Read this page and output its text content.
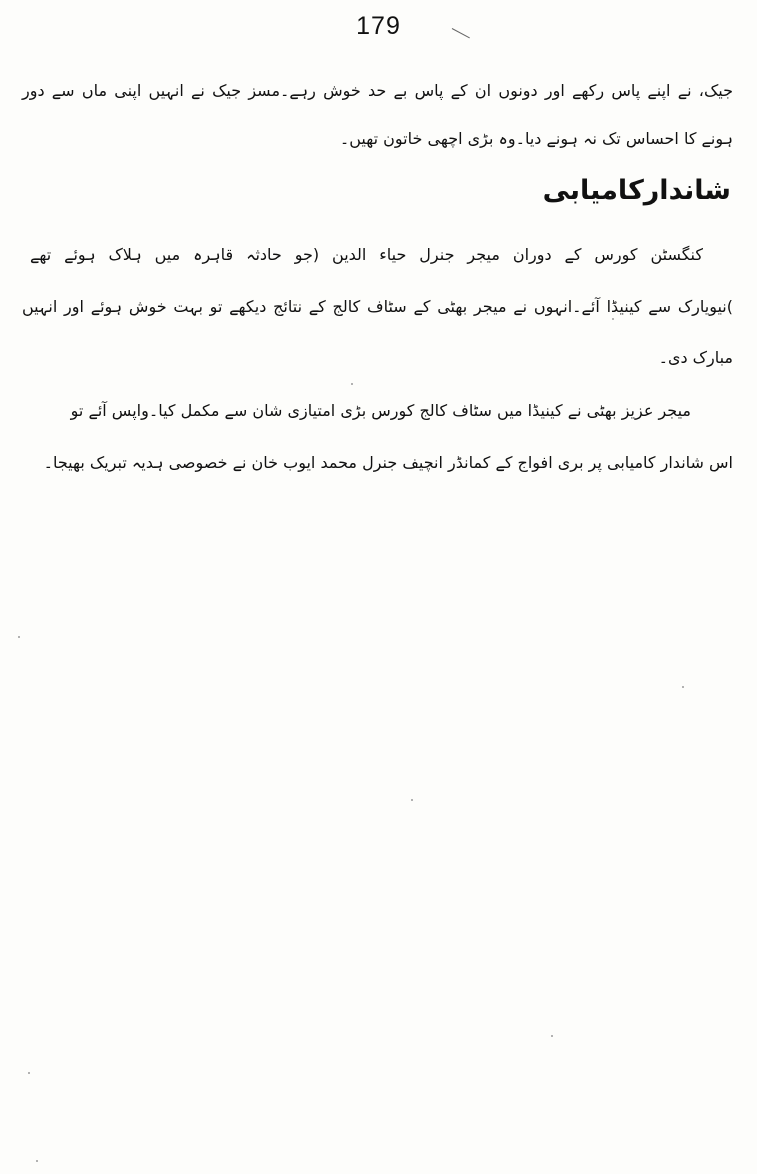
179
جیک، نے اپنے پاس رکھے اور دونوں ان کے پاس بے حد خوش رہے۔مسز جیک نے انہیں اپنی ماں سے دور
ہونے کا احساس تک نہ ہونے دیا۔وہ بڑی اچھی خاتون تھیں۔
شاندارکامیابی
کنگسٹن کورس کے دوران میجر جنرل حیاء الدین (جو حادثہ قاہرہ میں ہلاک ہوئے تھے
)نیویارک سے کینیڈا آئے۔انہوں نے میجر بھٹی کے سٹاف کالج کے نتائج دیکھے تو بہت خوش ہوئے اور انہیں
مبارک دی۔
میجر عزیز بھٹی نے کینیڈا میں سٹاف کالج کورس بڑی امتیازی شان سے مکمل کیا۔واپس آئے تو
اس شاندار کامیابی پر بری افواج کے کمانڈر انچیف جنرل محمد ایوب خان نے خصوصی ہدیہ تبریک بھیجا۔
